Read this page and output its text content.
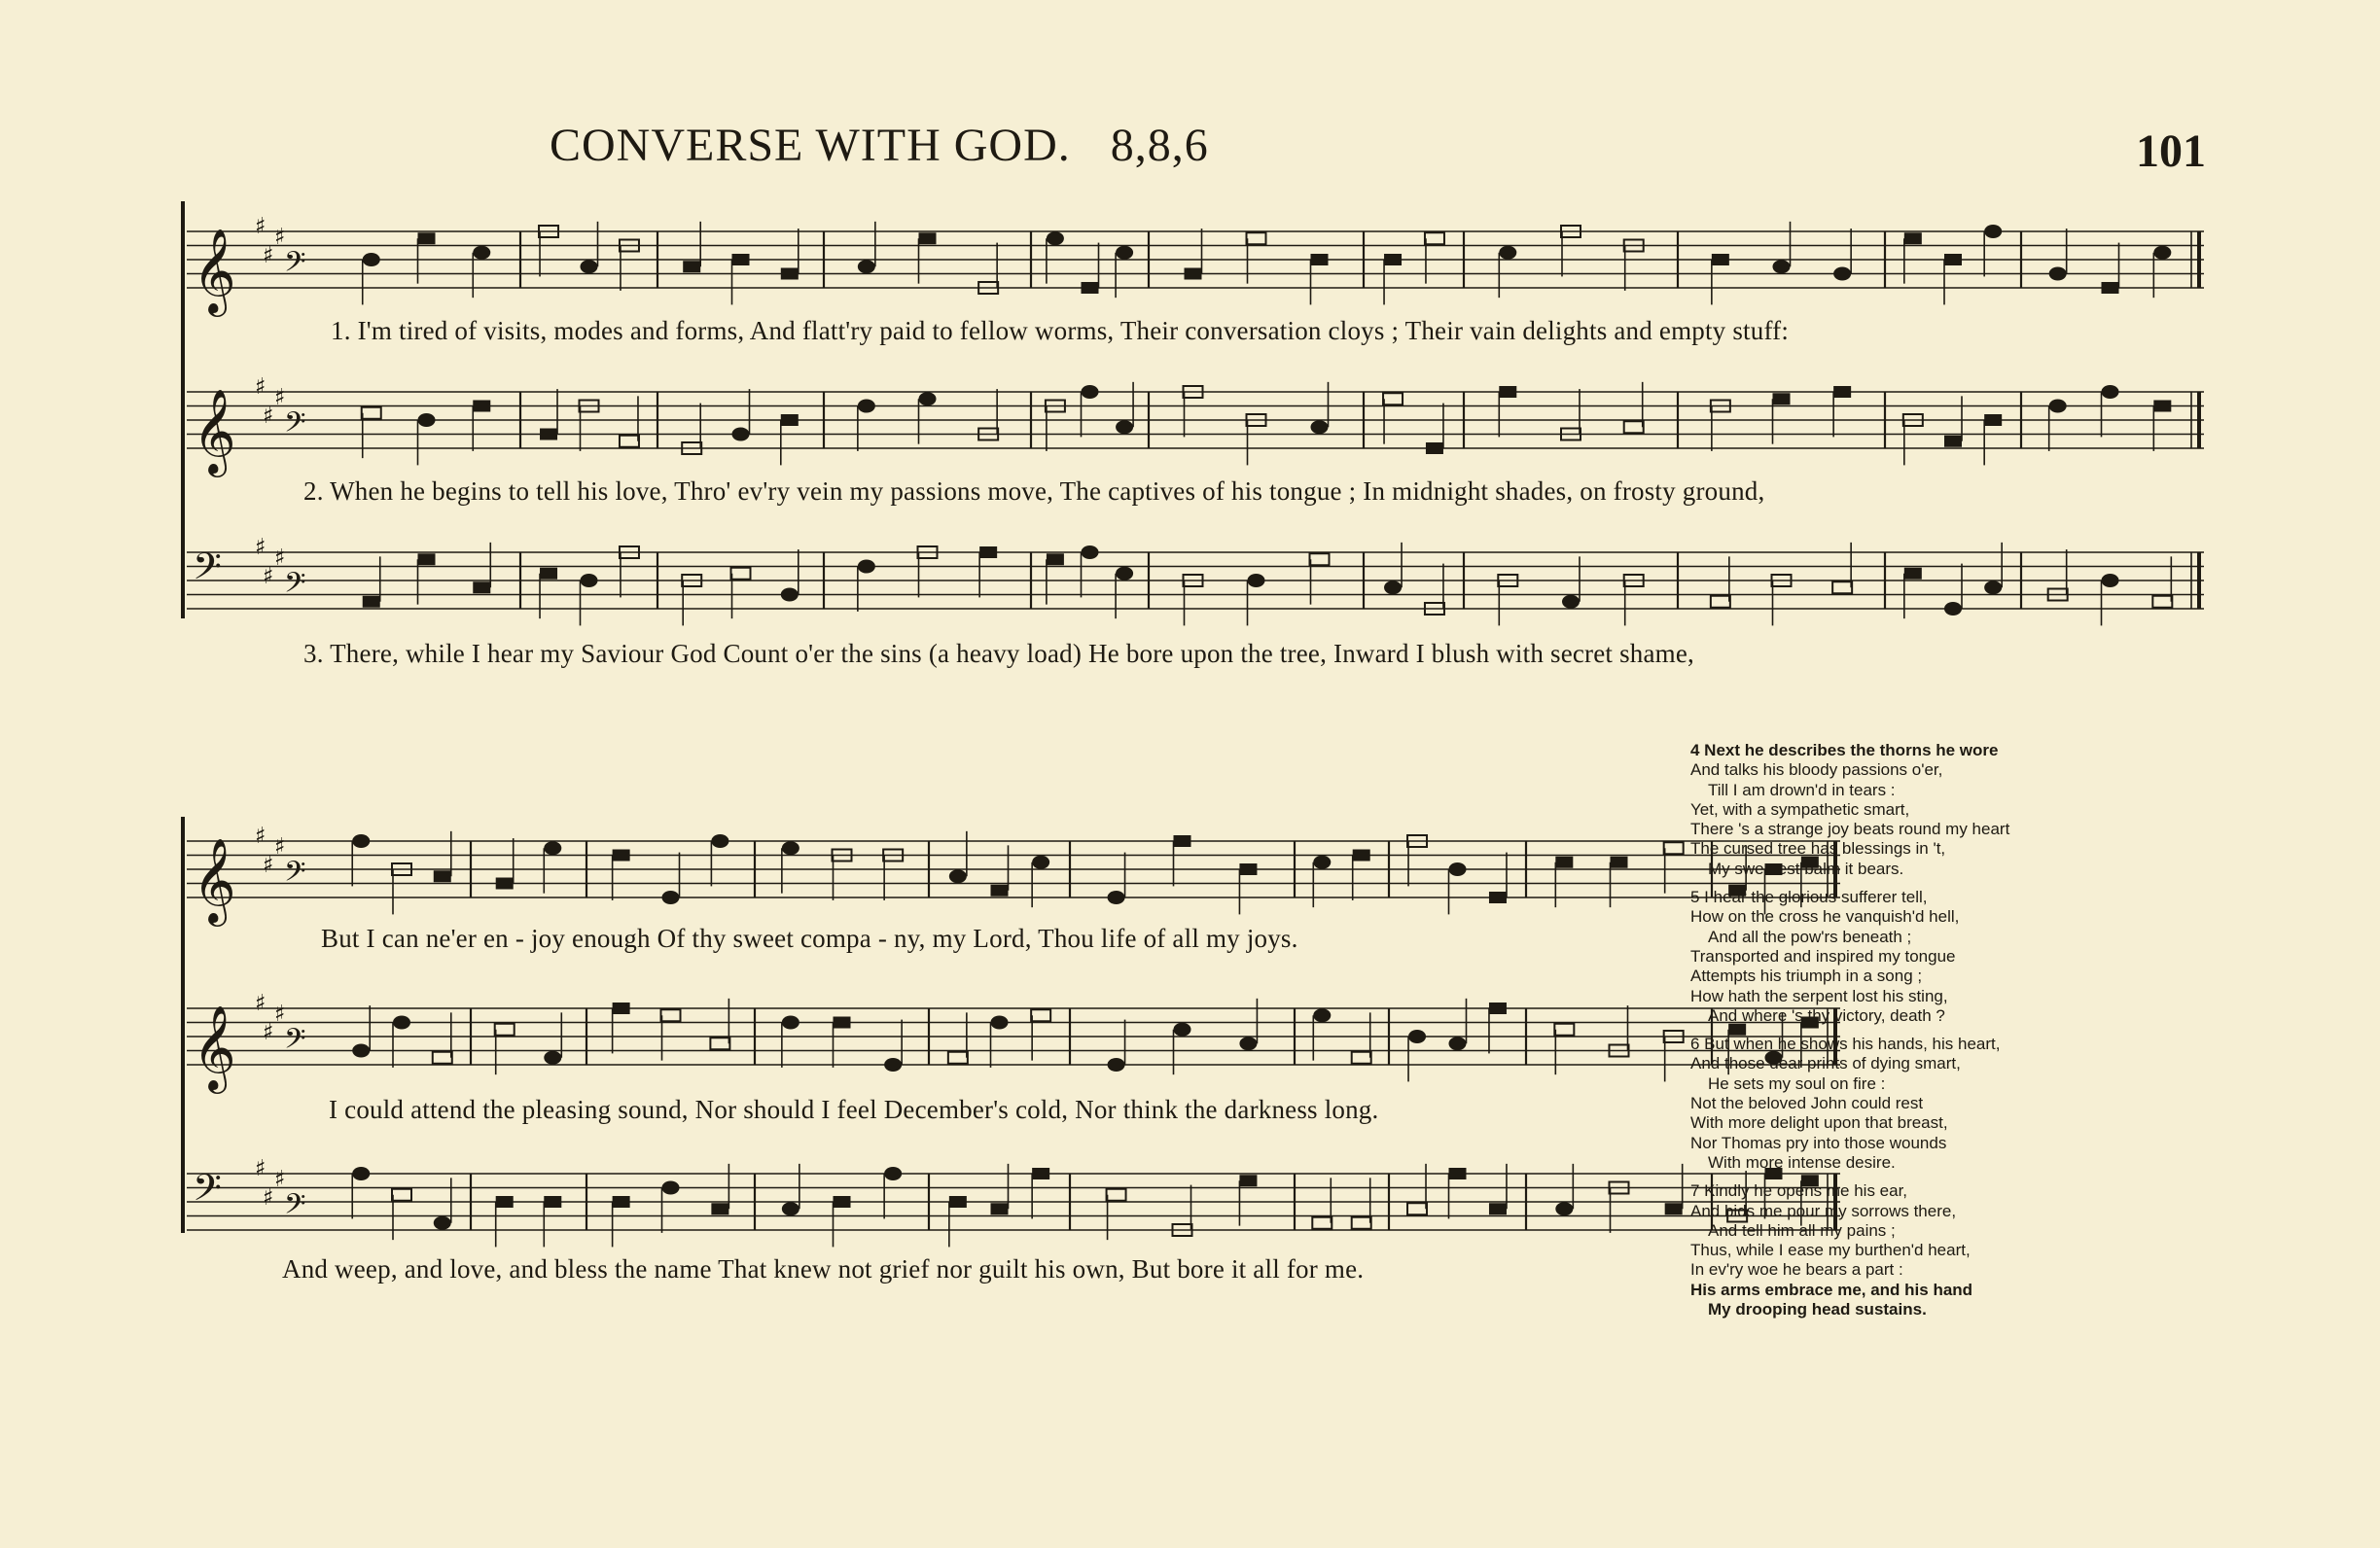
CONVERSE WITH GOD. 8,8,6	101
𝄞
♯ ♯
♯ 𝄢
𝄞
♯ ♯
♯ 𝄢
𝄢 ♯ ♯
♯ 𝄢
𝄞
♯ ♯
♯ 𝄢
𝄞
♯ ♯
♯ 𝄢
𝄢 ♯ ♯
♯ 𝄢
1. I'm tired of visits, modes and forms, And flatt'ry paid to fellow worms, Their conversation cloys ; Their vain delights and empty stuff:
2. When he begins to tell his love, Thro' ev'ry vein my passions move, The captives of his tongue ; In midnight shades, on frosty ground,
3. There, while I hear my Saviour God Count o'er the sins (a heavy load) He bore upon the tree, Inward I blush with secret shame,
But I can ne'er en - joy enough Of thy sweet compa - ny, my Lord, Thou life of all my joys.
I could attend the pleasing sound, Nor should I feel December's cold, Nor think the darkness long.
And weep, and love, and bless the name That knew not grief nor guilt his own, But bore it all for me.
4 Next he describes the thorns he wore
And talks his bloody passions o'er,
Till I am drown'd in tears :
Yet, with a sympathetic smart,
There 's a strange joy beats round my heart
The cursed tree has blessings in 't,
My sweetest balm it bears.
5 I hear the glorious sufferer tell,
How on the cross he vanquish'd hell,
And all the pow'rs beneath ;
Transported and inspired my tongue
Attempts his triumph in a song ;
How hath the serpent lost his sting,
And where 's thy victory, death ?
6 But when he shows his hands, his heart,
And those dear prints of dying smart,
He sets my soul on fire :
Not the beloved John could rest
With more delight upon that breast,
Nor Thomas pry into those wounds
With more intense desire.
7 Kindly he opens me his ear,
And bids me pour my sorrows there,
And tell him all my pains ;
Thus, while I ease my burthen'd heart,
In ev'ry woe he bears a part :
His arms embrace me, and his hand
My drooping head sustains.
